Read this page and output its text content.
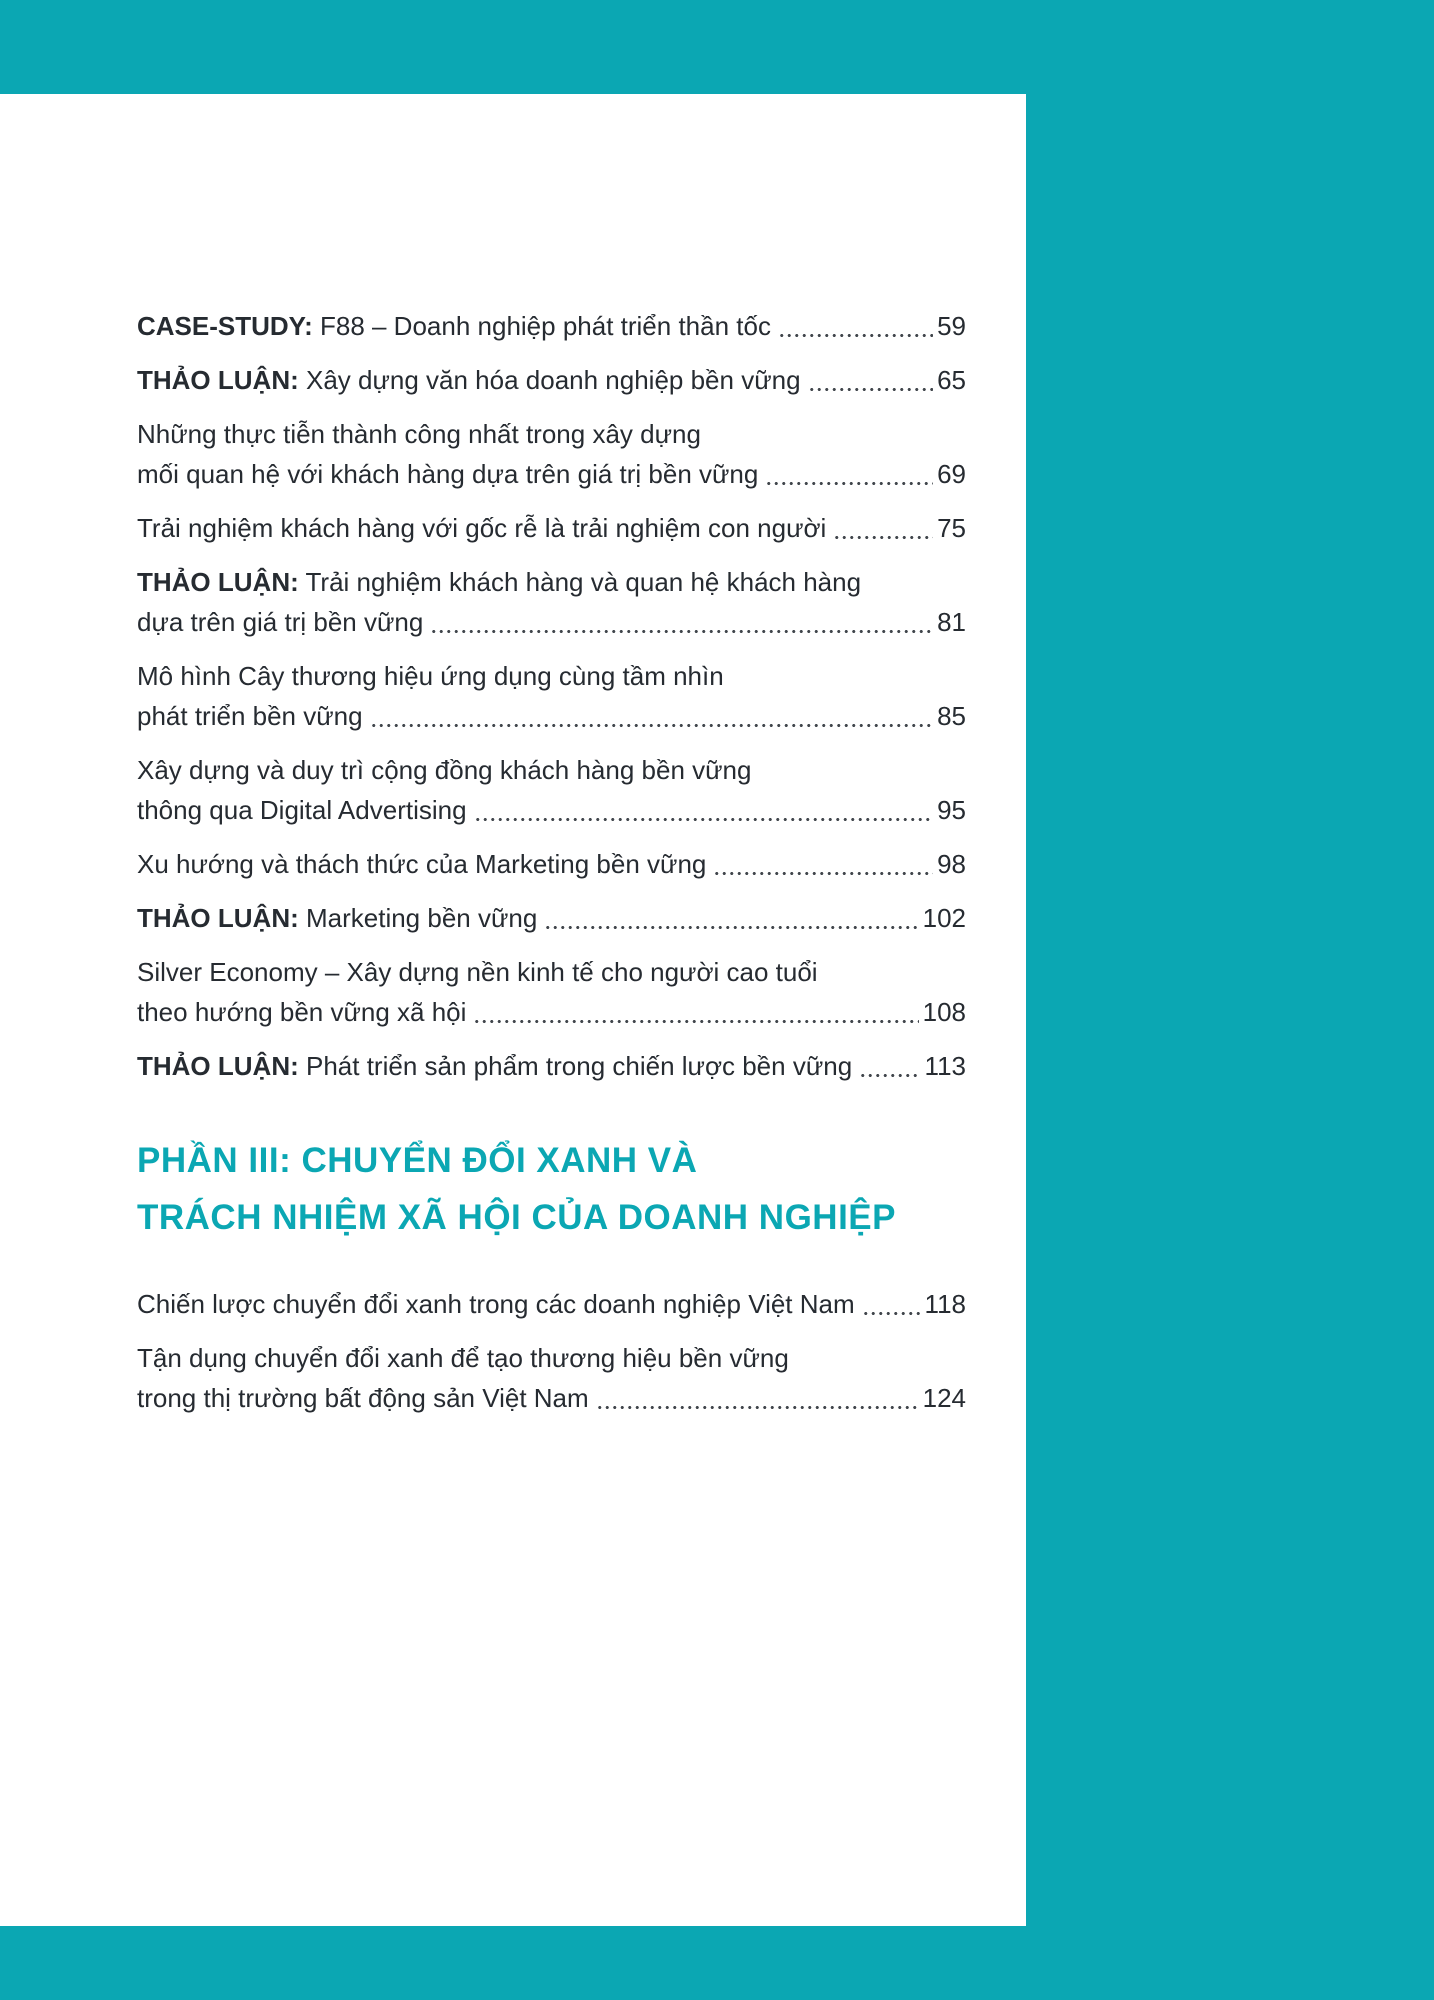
CASE-STUDY: F88 – Doanh nghiệp phát triển thần tốc	59
THẢO LUẬN: Xây dựng văn hóa doanh nghiệp bền vững	65
Những thực tiễn thành công nhất trong xây dựng
mối quan hệ với khách hàng dựa trên giá trị bền vững	69
Trải nghiệm khách hàng với gốc rễ là trải nghiệm con người	75
THẢO LUẬN: Trải nghiệm khách hàng và quan hệ khách hàng
dựa trên giá trị bền vững	81
Mô hình Cây thương hiệu ứng dụng cùng tầm nhìn
phát triển bền vững	85
Xây dựng và duy trì cộng đồng khách hàng bền vững
thông qua Digital Advertising	95
Xu hướng và thách thức của Marketing bền vững	98
THẢO LUẬN: Marketing bền vững	102
Silver Economy – Xây dựng nền kinh tế cho người cao tuổi
theo hướng bền vững xã hội	108
THẢO LUẬN: Phát triển sản phẩm trong chiến lược bền vững	113
PHẦN III: CHUYỂN ĐỔI XANH VÀ
TRÁCH NHIỆM XÃ HỘI CỦA DOANH NGHIỆP
Chiến lược chuyển đổi xanh trong các doanh nghiệp Việt Nam	118
Tận dụng chuyển đổi xanh để tạo thương hiệu bền vững
trong thị trường bất động sản Việt Nam	124
